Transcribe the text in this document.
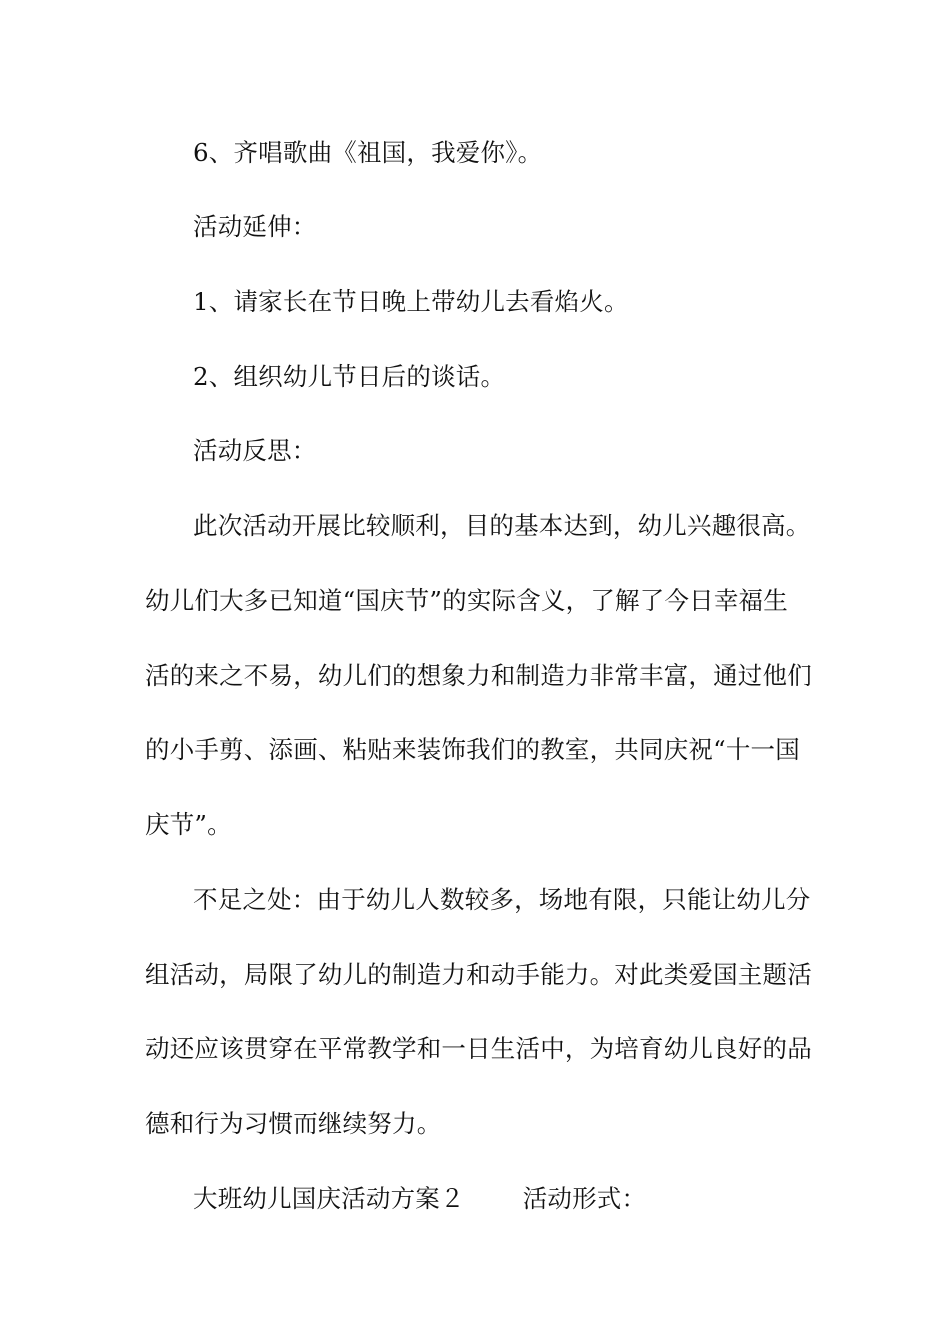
6、齐唱歌曲《祖国，我爱你》。
活动延伸：
1、请家长在节日晚上带幼儿去看焰火。
2、组织幼儿节日后的谈话。
活动反思：
此次活动开展比较顺利，目的基本达到，幼儿兴趣很高。
幼儿们大多已知道“国庆节”的实际含义，了解了今日幸福生
活的来之不易，幼儿们的想象力和制造力非常丰富，通过他们
的小手剪、添画、粘贴来装饰我们的教室，共同庆祝“十一国
庆节”。
不足之处：由于幼儿人数较多，场地有限，只能让幼儿分
组活动，局限了幼儿的制造力和动手能力。对此类爱国主题活
动还应该贯穿在平常教学和一日生活中，为培育幼儿良好的品
德和行为习惯而继续努力。
大班幼儿国庆活动方案２ 活动形式：
